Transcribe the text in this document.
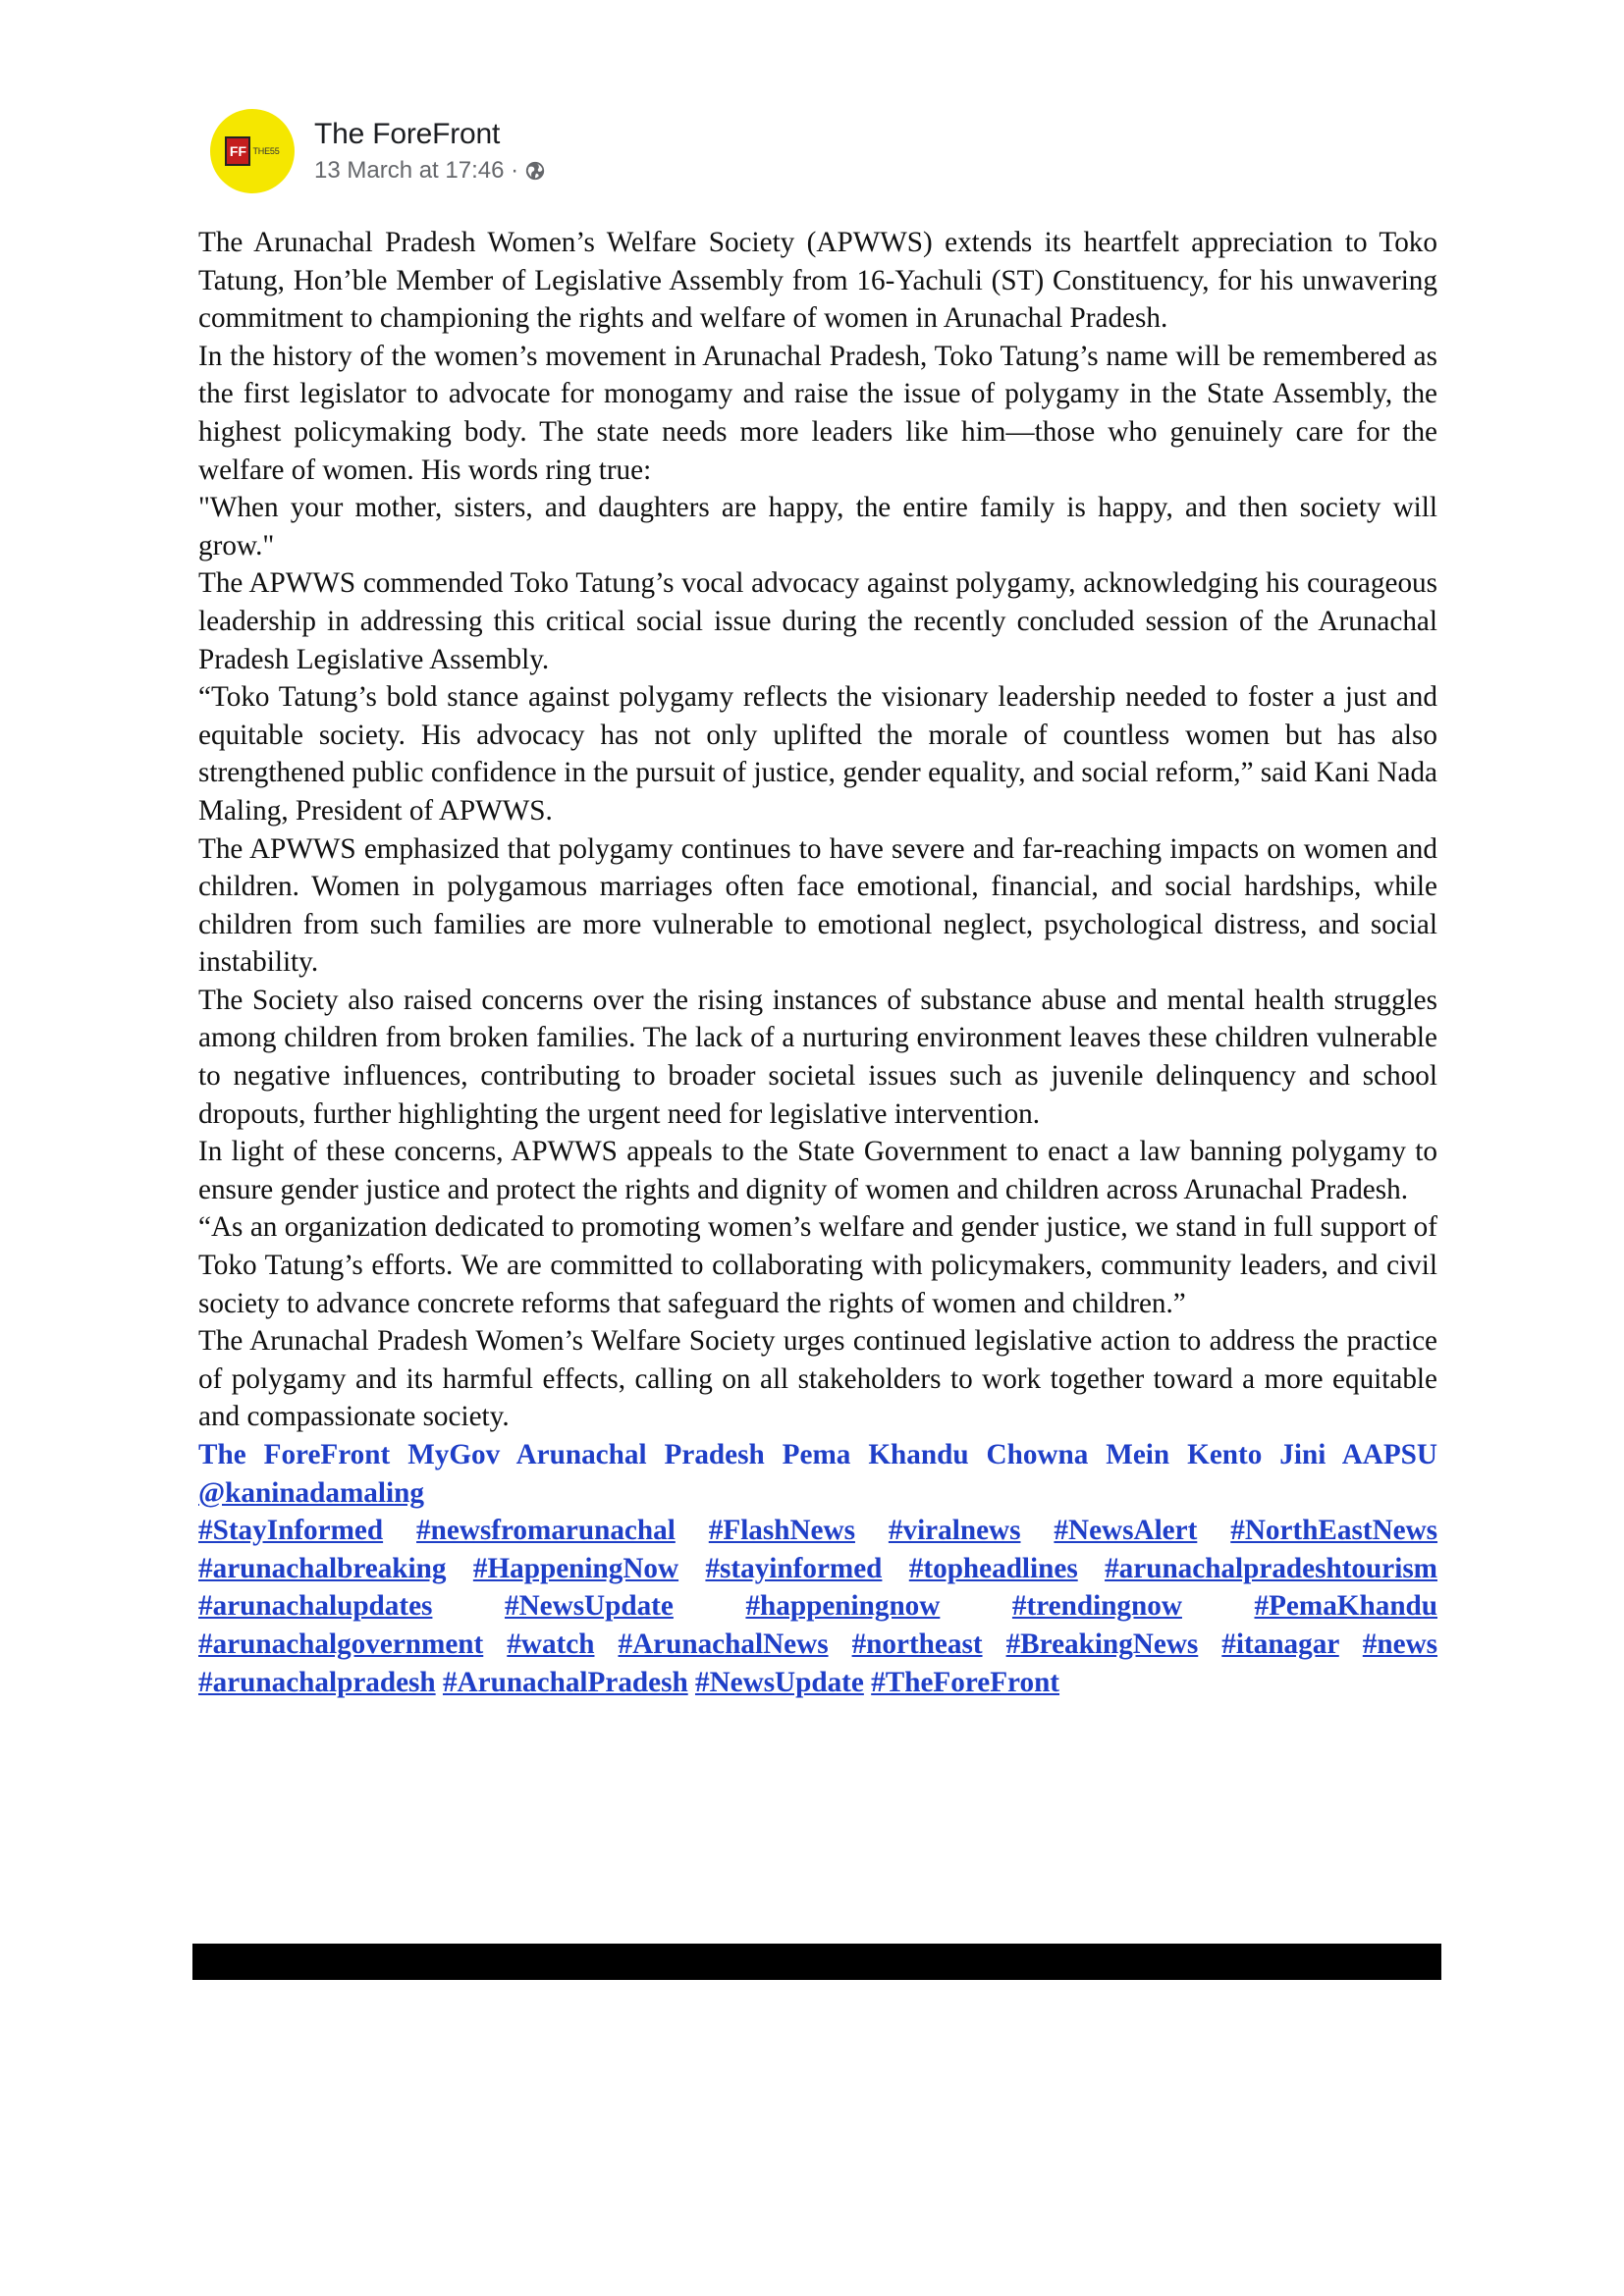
FF THE55
The ForeFront
13 March at 17:46 ·

The Arunachal Pradesh Women’s Welfare Society (APWWS) extends its heartfelt appreciation to Toko Tatung, Hon’ble Member of Legislative Assembly from 16-Yachuli (ST) Constituency, for his unwavering commitment to championing the rights and welfare of women in Arunachal Pradesh.

In the history of the women’s movement in Arunachal Pradesh, Toko Tatung’s name will be remembered as the first legislator to advocate for monogamy and raise the issue of polygamy in the State Assembly, the highest policymaking body. The state needs more leaders like him—those who genuinely care for the welfare of women. His words ring true:

"When your mother, sisters, and daughters are happy, the entire family is happy, and then society will grow."

The APWWS commended Toko Tatung’s vocal advocacy against polygamy, acknowledging his courageous leadership in addressing this critical social issue during the recently concluded session of the Arunachal Pradesh Legislative Assembly.

“Toko Tatung’s bold stance against polygamy reflects the visionary leadership needed to foster a just and equitable society. His advocacy has not only uplifted the morale of countless women but has also strengthened public confidence in the pursuit of justice, gender equality, and social reform,” said Kani Nada Maling, President of APWWS.

The APWWS emphasized that polygamy continues to have severe and far-reaching impacts on women and children. Women in polygamous marriages often face emotional, financial, and social hardships, while children from such families are more vulnerable to emotional neglect, psychological distress, and social instability.

The Society also raised concerns over the rising instances of substance abuse and mental health struggles among children from broken families. The lack of a nurturing environment leaves these children vulnerable to negative influences, contributing to broader societal issues such as juvenile delinquency and school dropouts, further highlighting the urgent need for legislative intervention.

In light of these concerns, APWWS appeals to the State Government to enact a law banning polygamy to ensure gender justice and protect the rights and dignity of women and children across Arunachal Pradesh.

“As an organization dedicated to promoting women’s welfare and gender justice, we stand in full support of Toko Tatung’s efforts. We are committed to collaborating with policymakers, community leaders, and civil society to advance concrete reforms that safeguard the rights of women and children.”

The Arunachal Pradesh Women’s Welfare Society urges continued legislative action to address the practice of polygamy and its harmful effects, calling on all stakeholders to work together toward a more equitable and compassionate society.

The ForeFront MyGov Arunachal Pradesh Pema Khandu Chowna Mein Kento Jini AAPSU @kaninadamaling

#StayInformed #newsfromarunachal #FlashNews #viralnews #NewsAlert #NorthEastNews #arunachalbreaking #HappeningNow #stayinformed #topheadlines #arunachalpradeshtourism #arunachalupdates	#NewsUpdate	#happeningnow	#trendingnow	#PemaKhandu #arunachalgovernment #watch #ArunachalNews #northeast #BreakingNews #itanagar #news #arunachalpradesh #ArunachalPradesh #NewsUpdate #TheForeFront
